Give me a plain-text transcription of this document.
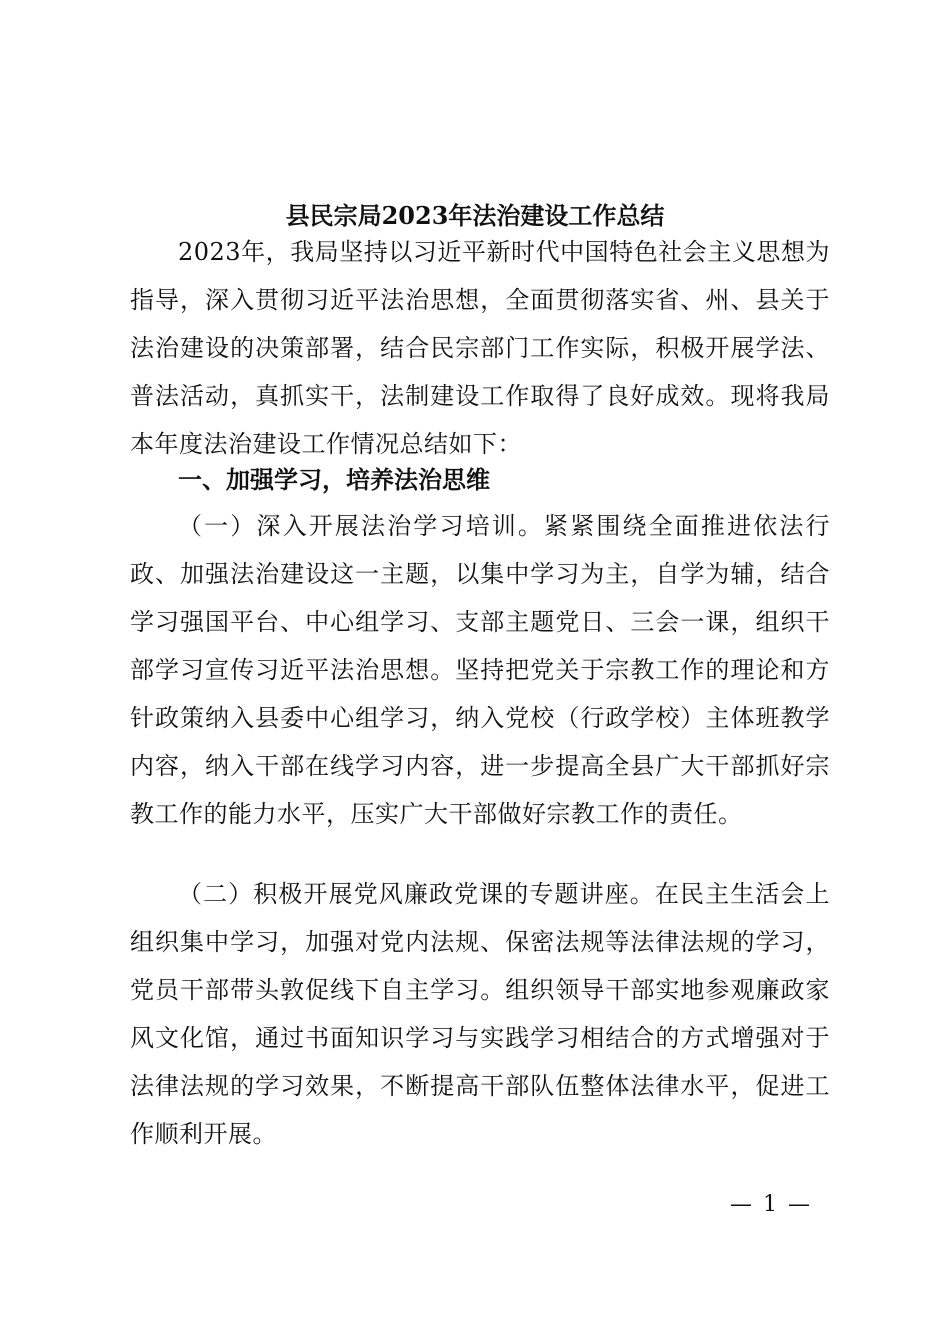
县民宗局2023年法治建设工作总结

2023年，我局坚持以习近平新时代中国特色社会主义思想为指导，深入贯彻习近平法治思想，全面贯彻落实省、州、县关于法治建设的决策部署，结合民宗部门工作实际，积极开展学法、普法活动，真抓实干，法制建设工作取得了良好成效。现将我局本年度法治建设工作情况总结如下：

一、加强学习，培养法治思维

（一）深入开展法治学习培训。紧紧围绕全面推进依法行政、加强法治建设这一主题，以集中学习为主，自学为辅，结合学习强国平台、中心组学习、支部主题党日、三会一课，组织干部学习宣传习近平法治思想。坚持把党关于宗教工作的理论和方针政策纳入县委中心组学习，纳入党校（行政学校）主体班教学内容，纳入干部在线学习内容，进一步提高全县广大干部抓好宗教工作的能力水平，压实广大干部做好宗教工作的责任。

（二）积极开展党风廉政党课的专题讲座。在民主生活会上组织集中学习，加强对党内法规、保密法规等法律法规的学习，党员干部带头敦促线下自主学习。组织领导干部实地参观廉政家风文化馆，通过书面知识学习与实践学习相结合的方式增强对于法律法规的学习效果，不断提高干部队伍整体法律水平，促进工作顺利开展。

— 1 —
